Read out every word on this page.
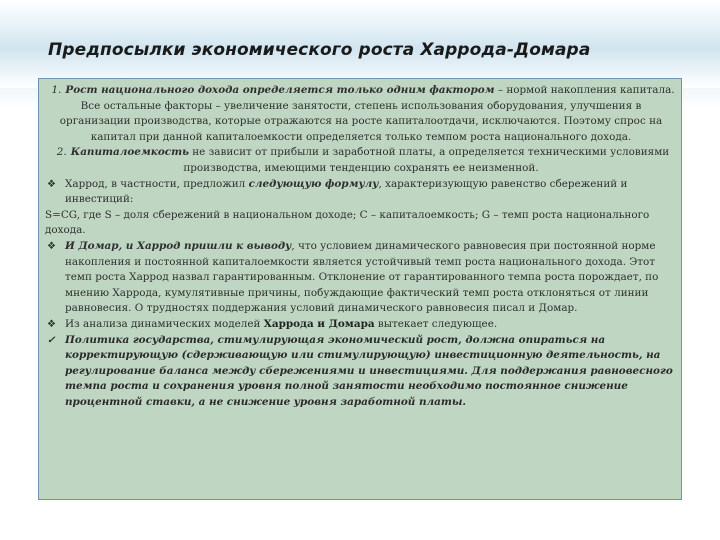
Предпосылки экономического роста Харрода-Домара

1. Рост национального дохода определяется только одним фактором – нормой накопления капитала. Все остальные факторы – увеличение занятости, степень использования оборудования, улучшения в организации производства, которые отражаются на росте капиталоотдачи, исключаются. Поэтому спрос на капитал при данной капиталоемкости определяется только темпом роста национального дохода.

2. Капиталоемкость не зависит от прибыли и заработной платы, а определяется техническими условиями производства, имеющими тенденцию сохранять ее неизменной.

❖ Харрод, в частности, предложил следующую формулу, характеризующую равенство сбережений и инвестиций:

S=CG, где S – доля сбережений в национальном доходе; C – капиталоемкость; G – темп роста национального дохода.

❖ И Домар, и Харрод пришли к выводу, что условием динамического равновесия при постоянной норме накопления и постоянной капиталоемкости является устойчивый темп роста национального дохода. Этот темп роста Харрод назвал гарантированным. Отклонение от гарантированного темпа роста порождает, по мнению Харрода, кумулятивные причины, побуждающие фактический темп роста отклоняться от линии равновесия. О трудностях поддержания условий динамического равновесия писал и Домар.

❖ Из анализа динамических моделей Харрода и Домара вытекает следующее.

✓ Политика государства, стимулирующая экономический рост, должна опираться на корректирующую (сдерживающую или стимулирующую) инвестиционную деятельность, на регулирование баланса между сбережениями и инвестициями. Для поддержания равновесного темпа роста и сохранения уровня полной занятости необходимо постоянное снижение процентной ставки, а не снижение уровня заработной платы.
